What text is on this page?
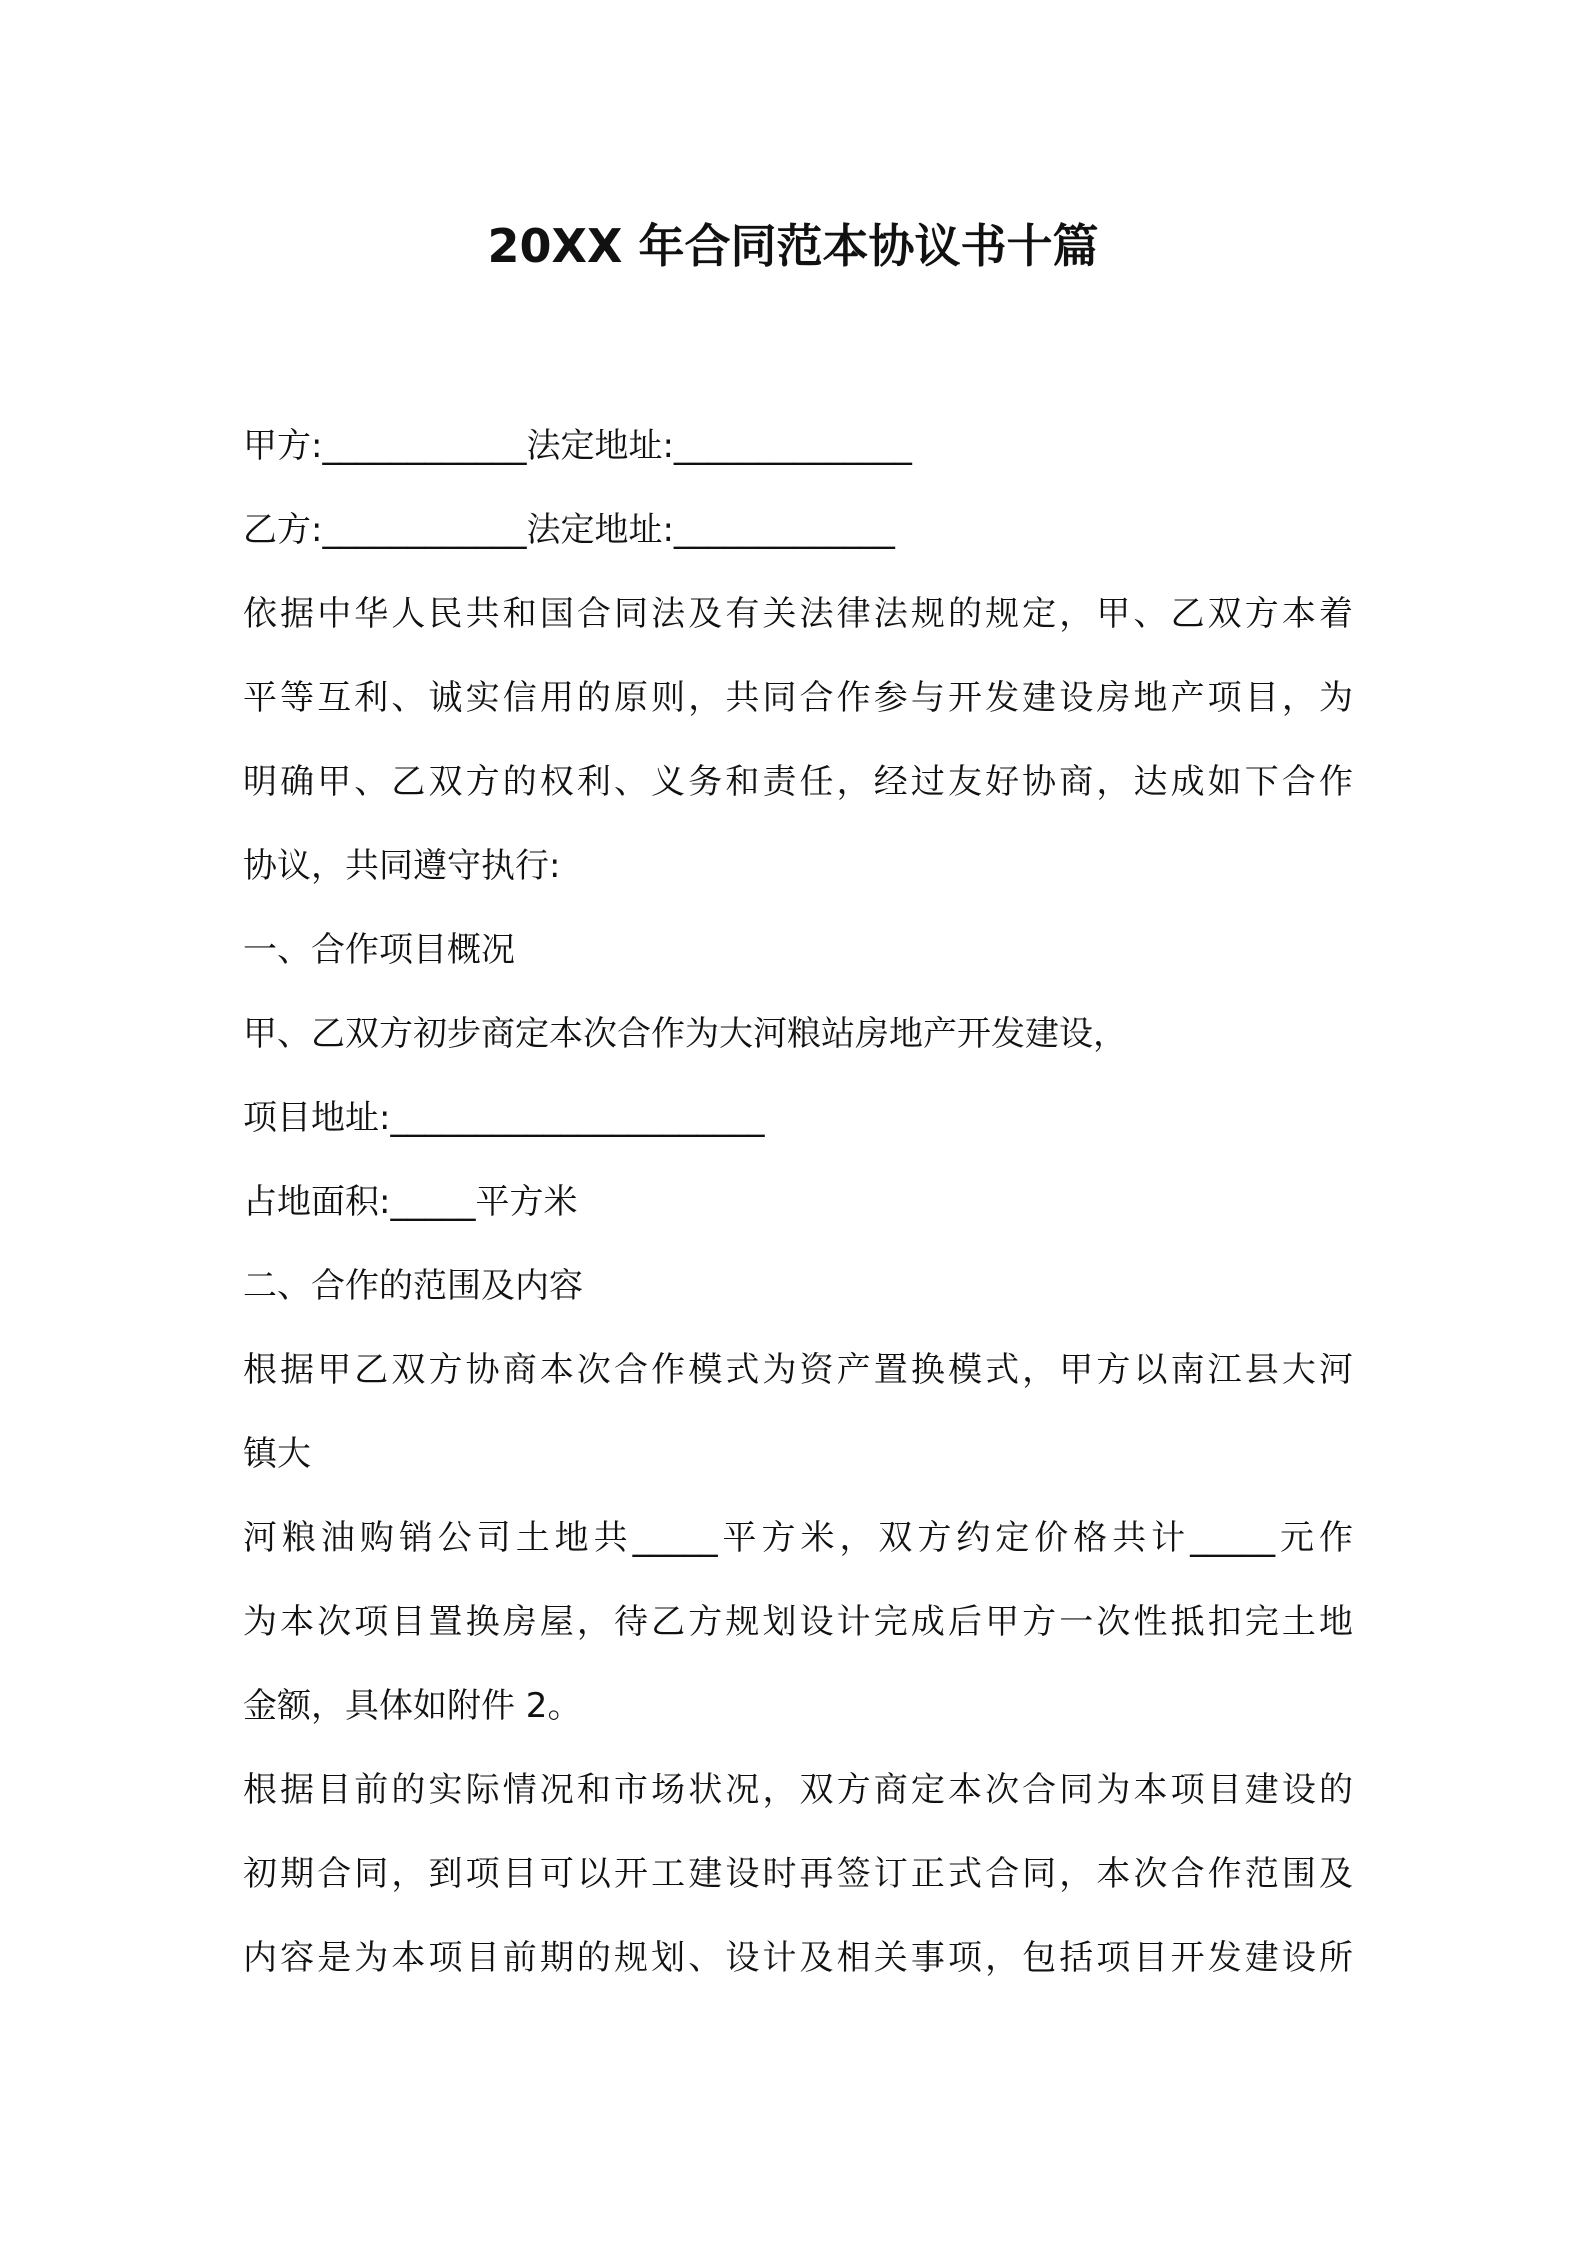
20XX 年合同范本协议书十篇
甲方:____________法定地址:______________
乙方:____________法定地址:_____________
依据中华人民共和国合同法及有关法律法规的规定，甲、乙双方本着
平等互利、诚实信用的原则，共同合作参与开发建设房地产项目，为
明确甲、乙双方的权利、义务和责任，经过友好协商，达成如下合作
协议，共同遵守执行:
一、合作项目概况
甲、乙双方初步商定本次合作为大河粮站房地产开发建设，
项目地址:______________________
占地面积:_____平方米
二、合作的范围及内容
根据甲乙双方协商本次合作模式为资产置换模式，甲方以南江县大河
镇大
河粮油购销公司土地共_____平方米，双方约定价格共计_____元作
为本次项目置换房屋，待乙方规划设计完成后甲方一次性抵扣完土地
金额，具体如附件 2。
根据目前的实际情况和市场状况，双方商定本次合同为本项目建设的
初期合同，到项目可以开工建设时再签订正式合同，本次合作范围及
内容是为本项目前期的规划、设计及相关事项，包括项目开发建设所
